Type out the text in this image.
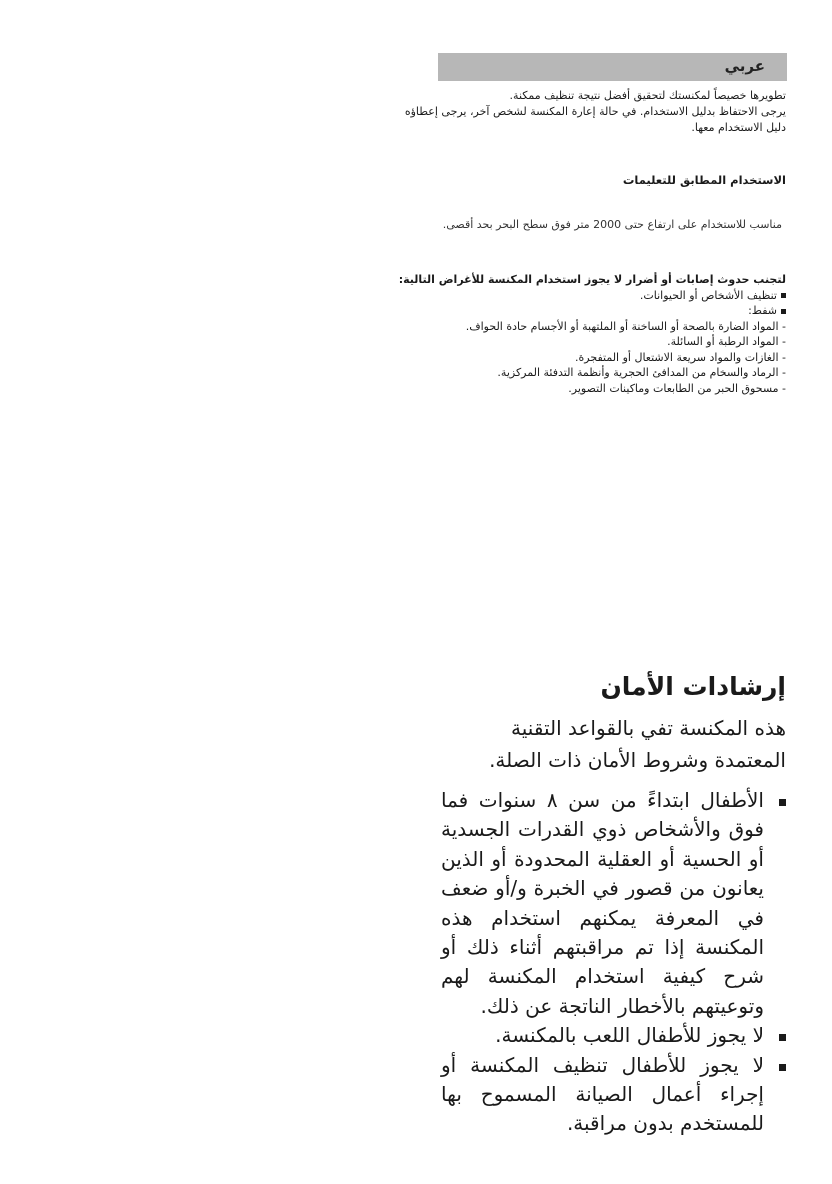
عربي

تطويرها خصيصاً لمكنستك لتحقيق أفضل نتيجة تنظيف ممكنة.

يرجى الاحتفاظ بدليل الاستخدام. في حالة إعارة المكنسة لشخص آخر، يرجى إعطاؤه دليل الاستخدام معها.

الاستخدام المطابق للتعليمات
مناسب للاستخدام على ارتفاع حتى 2000 متر فوق سطح البحر بحد أقصى.
لتجنب حدوث إصابات أو أضرار لا يجوز استخدام المكنسة للأغراض التالية:
تنظيف الأشخاص أو الحيوانات.
شفط:
- المواد الضارة بالصحة أو الساخنة أو الملتهبة أو الأجسام حادة الحواف.
- المواد الرطبة أو السائلة.
- الغازات والمواد سريعة الاشتعال أو المتفجرة.
- الرماد والسخام من المدافئ الحجرية وأنظمة التدفئة المركزية.
- مسحوق الحبر من الطابعات وماكينات التصوير.
إرشادات الأمان

هذه المكنسة تفي بالقواعد التقنية المعتمدة وشروط الأمان ذات الصلة.

الأطفال ابتداءً من سن ٨ سنوات فما فوق والأشخاص ذوي القدرات الجسدية أو الحسية أو العقلية المحدودة أو الذين يعانون من قصور في الخبرة و/أو ضعف في المعرفة يمكنهم استخدام هذه المكنسة إذا تم مراقبتهم أثناء ذلك أو شرح كيفية استخدام المكنسة لهم وتوعيتهم بالأخطار الناتجة عن ذلك.
لا يجوز للأطفال اللعب بالمكنسة.
لا يجوز للأطفال تنظيف المكنسة أو إجراء أعمال الصيانة المسموح بها للمستخدم بدون مراقبة.
